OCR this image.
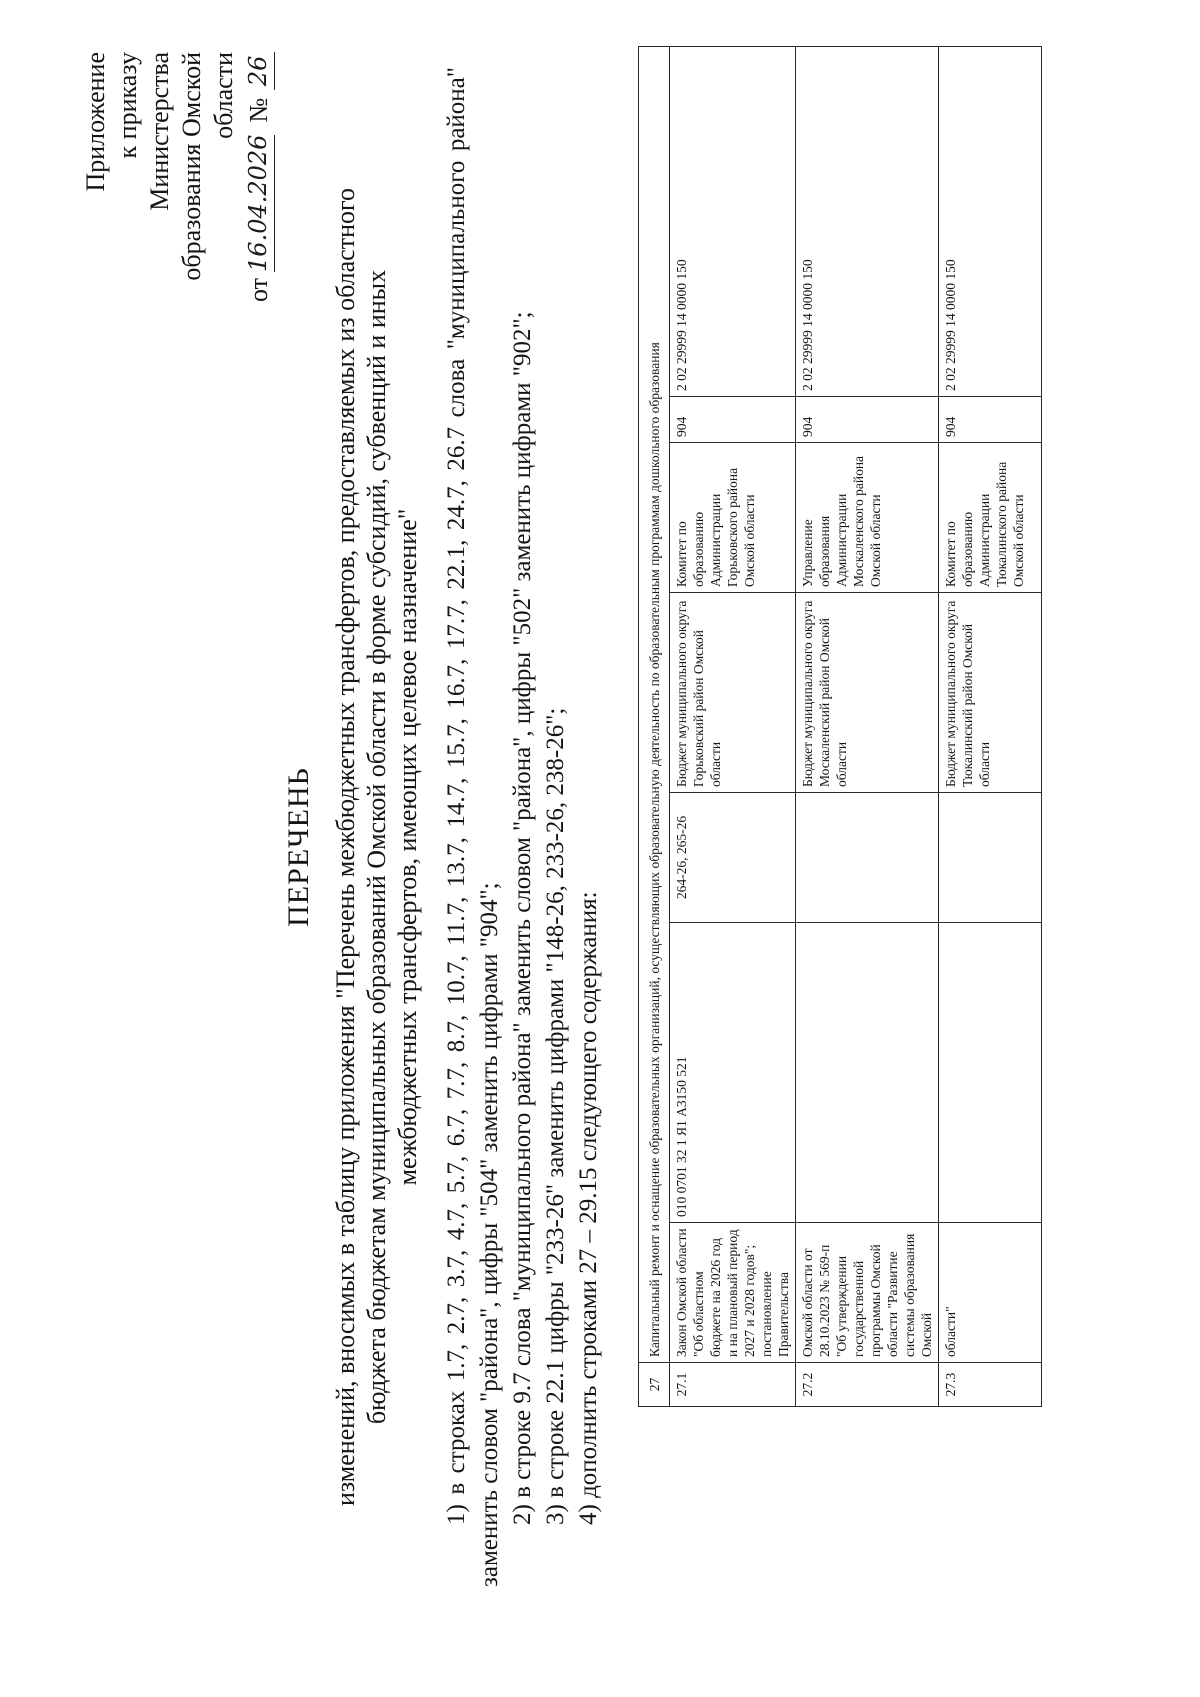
Приложение к приказу Министерства образования Омской области
от
16.04.2026
№
26
ПЕРЕЧЕНЬ изменений, вносимых в таблицу приложения "Перечень межбюджетных трансфертов, предоставляемых из областного бюджета бюджетам муниципальных образований Омской области в форме субсидий, субвенций и иных межбюджетных трансфертов, имеющих целевое назначение" 1) в строках 1.7, 2.7, 3.7, 4.7, 5.7, 6.7, 7.7, 8.7, 10.7, 11.7, 13.7, 14.7, 15.7, 16.7, 17.7, 22.1, 24.7, 26.7 слова "муниципального района" заменить словом "района", цифры "504" заменить цифрами "904"; 2) в строке 9.7 слова "муниципального района" заменить словом "района", цифры "502" заменить цифрами "902"; 3) в строке 22.1 цифры "233-26" заменить цифрами "148-26, 233-26, 238-26"; 4) дополнить строками 27 – 29.15 следующего содержания:	27	Капитальный ремонт и оснащение образовательных организаций, осуществляющих образовательную деятельность по образовательным программам дошкольного образования						
27.1	Закон Омской области "Об областном бюджете на 2026 год и на плановый период 2027 и 2028 годов"; постановление Правительства	010 0701 32 1 Я1 А3150 521	264-26, 265-26	Бюджет муниципального округа Горьковский район Омской области	Комитет по образованию Администрации Горьковского района Омской области	904	2 02 29999 14 0000 150
27.2	Омской области от 28.10.2023 № 569-п "Об утверждении государственной программы Омской области "Развитие системы образования Омской			Бюджет муниципального округа Москаленский район Омской области	Управление образования Администрации Москаленского района Омской области	904	2 02 29999 14 0000 150
27.3	области"			Бюджет муниципального округа Тюкалинский район Омской области	Комитет по образованию Администрации Тюкалинского района Омской области	904	2 02 29999 14 0000 150
